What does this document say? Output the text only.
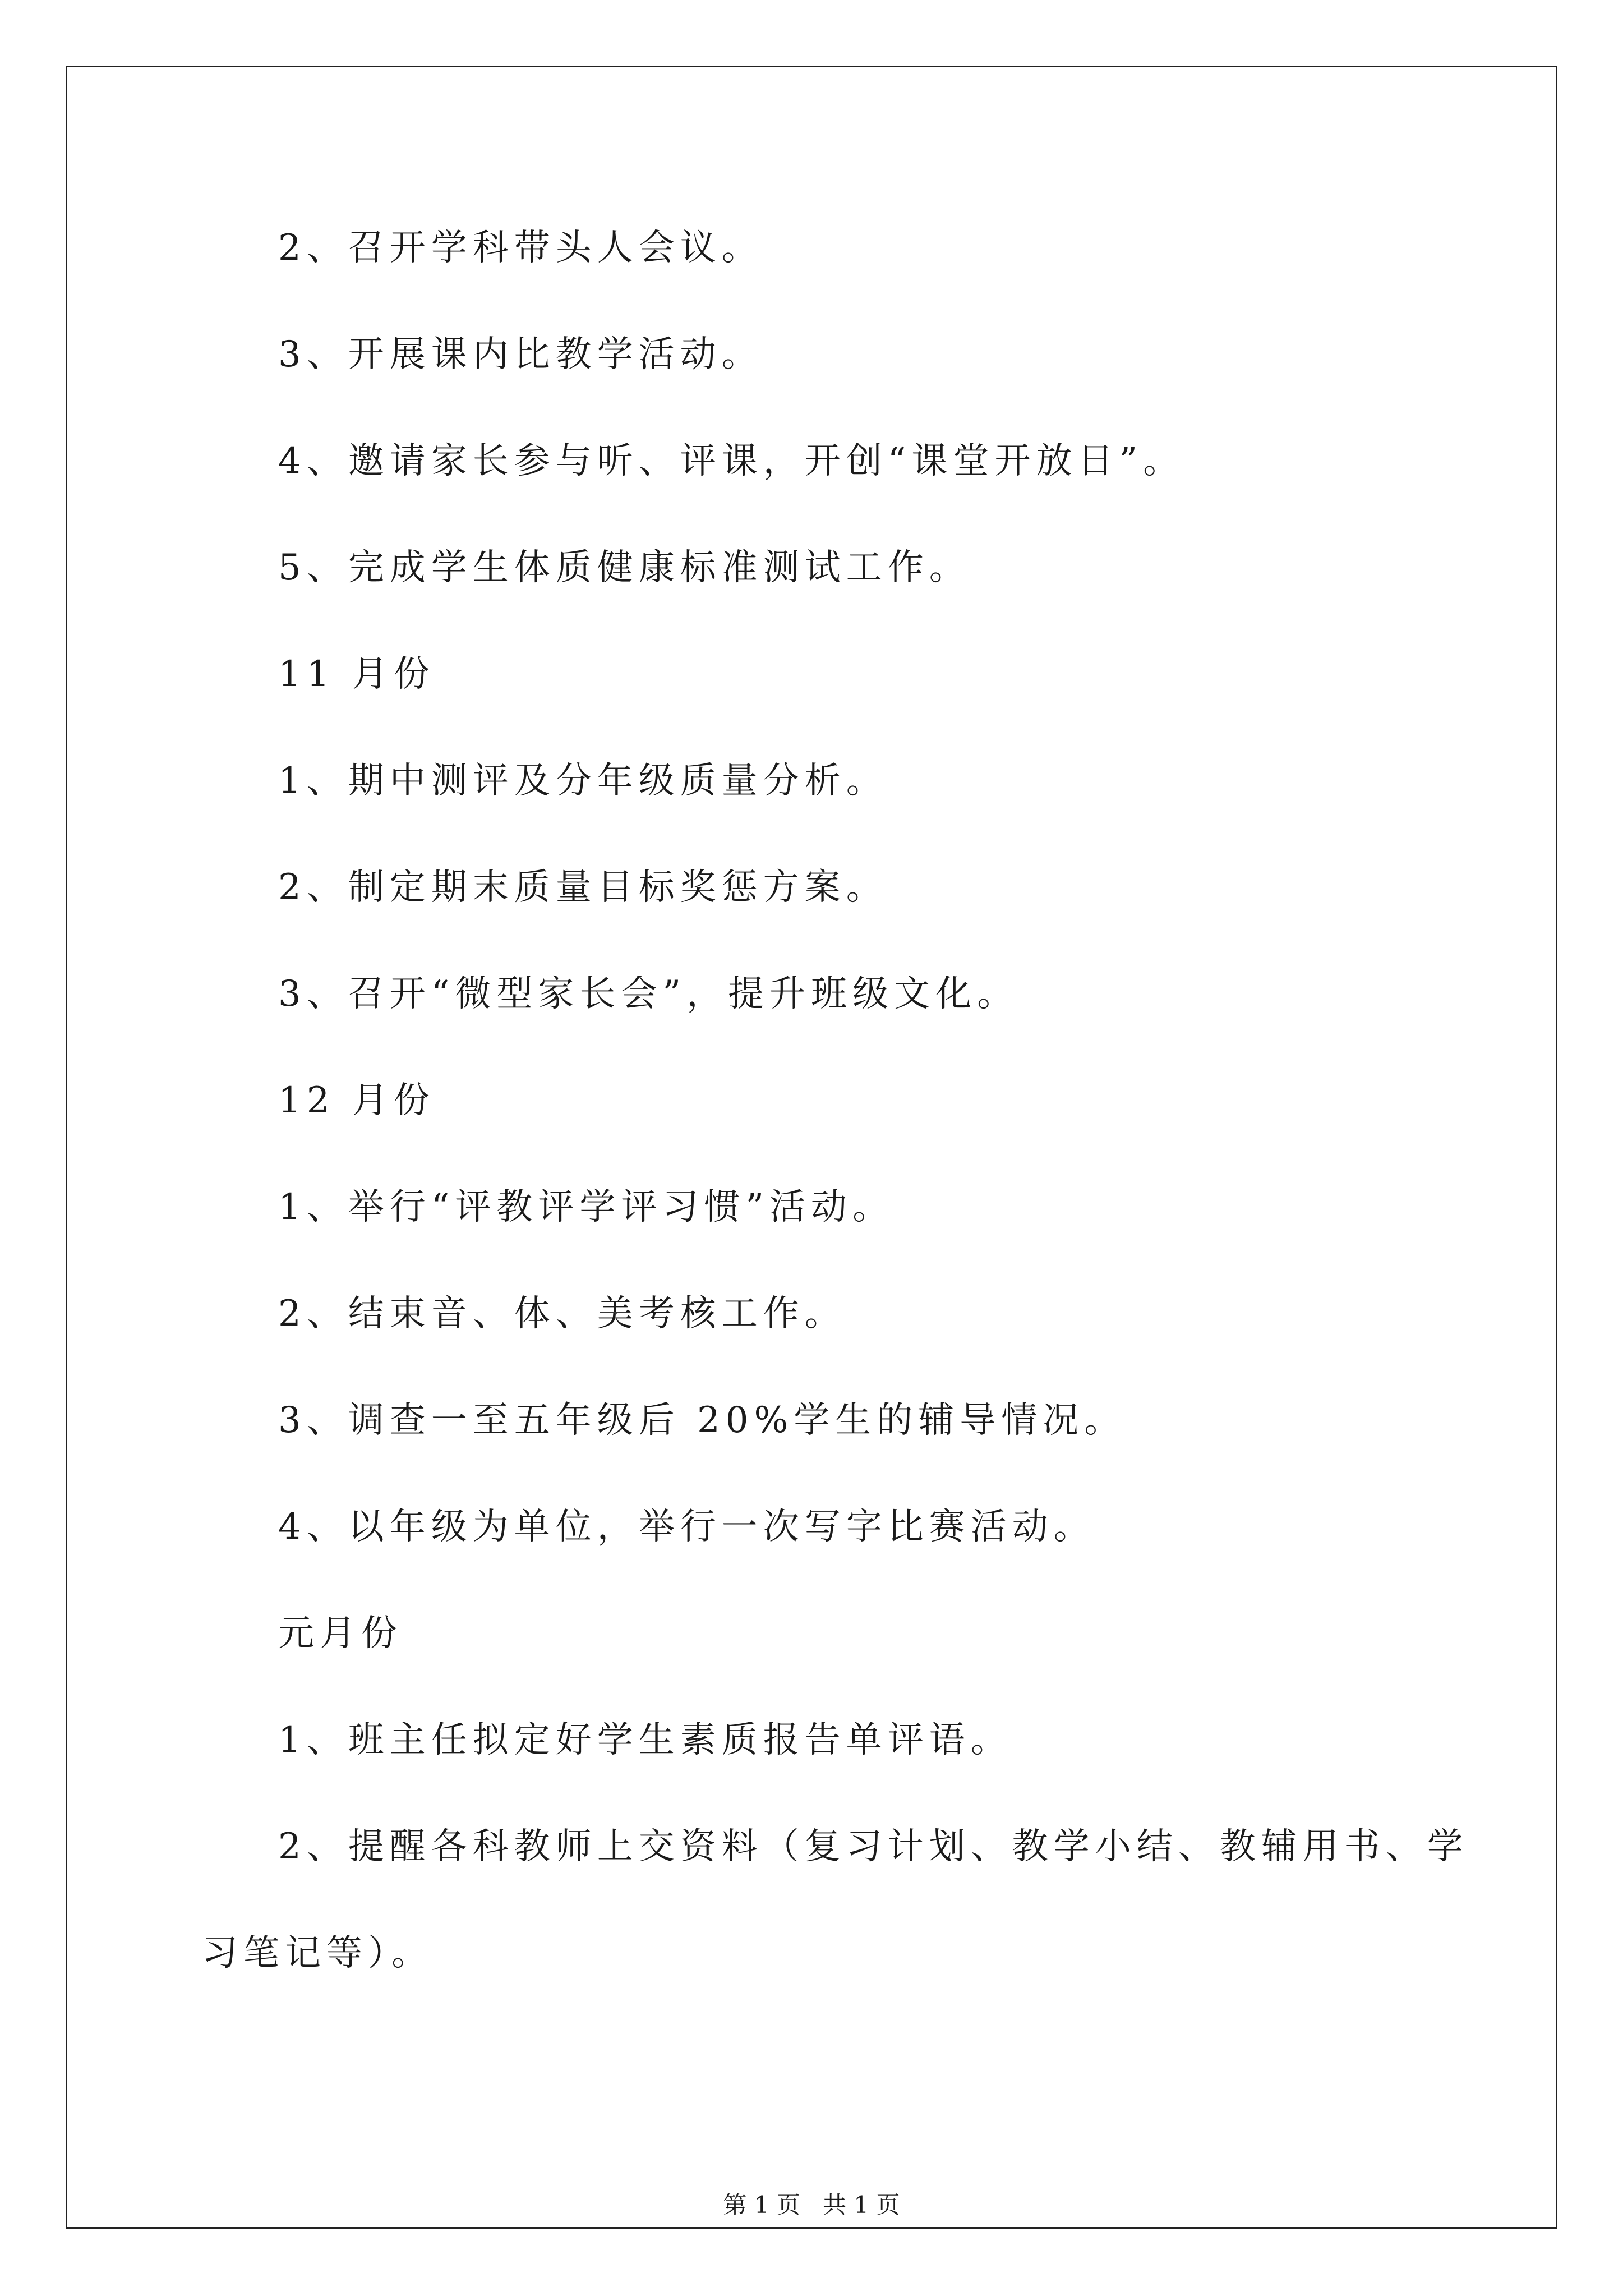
2、召开学科带头人会议。
3、开展课内比教学活动。
4、邀请家长参与听、评课，开创“课堂开放日”。
5、完成学生体质健康标准测试工作。
11 月份
1、期中测评及分年级质量分析。
2、制定期末质量目标奖惩方案。
3、召开“微型家长会”，提升班级文化。
12 月份
1、举行“评教评学评习惯”活动。
2、结束音、体、美考核工作。
3、调查一至五年级后 20%学生的辅导情况。
4、以年级为单位，举行一次写字比赛活动。
元月份
1、班主任拟定好学生素质报告单评语。
2、提醒各科教师上交资料（复习计划、教学小结、教辅用书、学
习笔记等）。
第 1 页   共 1 页
